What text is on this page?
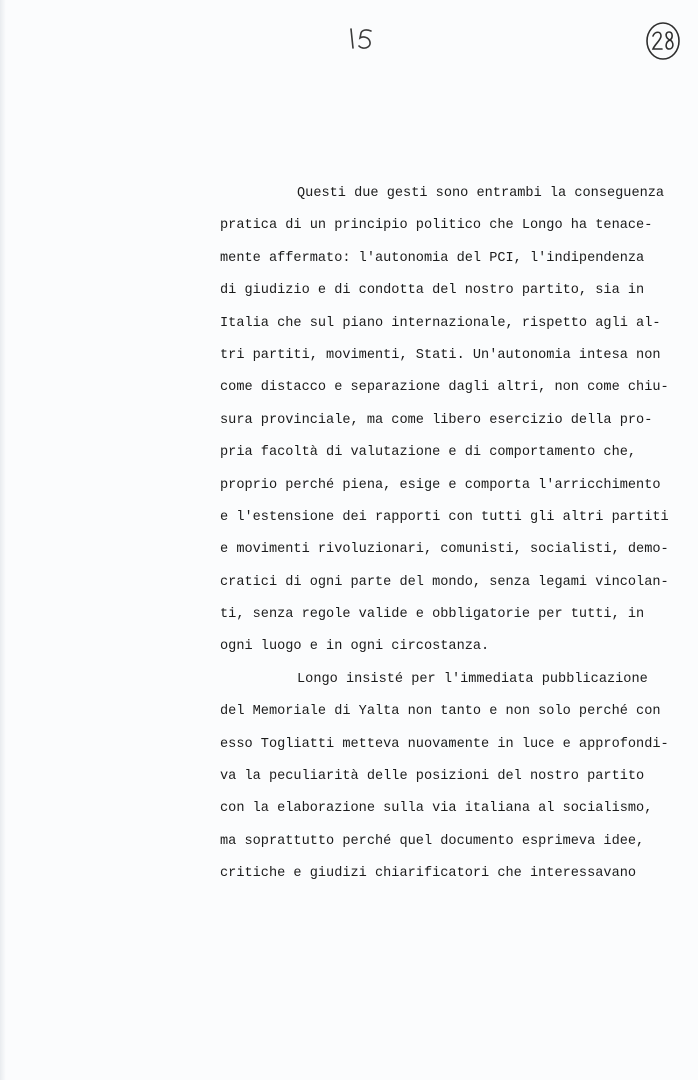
Questi due gesti sono entrambi la conseguenza
pratica di un principio politico che Longo ha tenace-
mente affermato: l'autonomia del PCI, l'indipendenza
di giudizio e di condotta del nostro partito, sia in
Italia che sul piano internazionale, rispetto agli al-
tri partiti, movimenti, Stati. Un'autonomia intesa non
come distacco e separazione dagli altri, non come chiu-
sura provinciale, ma come libero esercizio della pro-
pria facoltà di valutazione e di comportamento che,
proprio perché piena, esige e comporta l'arricchimento
e l'estensione dei rapporti con tutti gli altri partiti
e movimenti rivoluzionari, comunisti, socialisti, demo-
cratici di ogni parte del mondo, senza legami vincolan-
ti, senza regole valide e obbligatorie per tutti, in
ogni luogo e in ogni circostanza.
Longo insisté per l'immediata pubblicazione
del Memoriale di Yalta non tanto e non solo perché con
esso Togliatti metteva nuovamente in luce e approfondi-
va la peculiarità delle posizioni del nostro partito
con la elaborazione sulla via italiana al socialismo,
ma soprattutto perché quel documento esprimeva idee,
critiche e giudizi chiarificatori che interessavano
